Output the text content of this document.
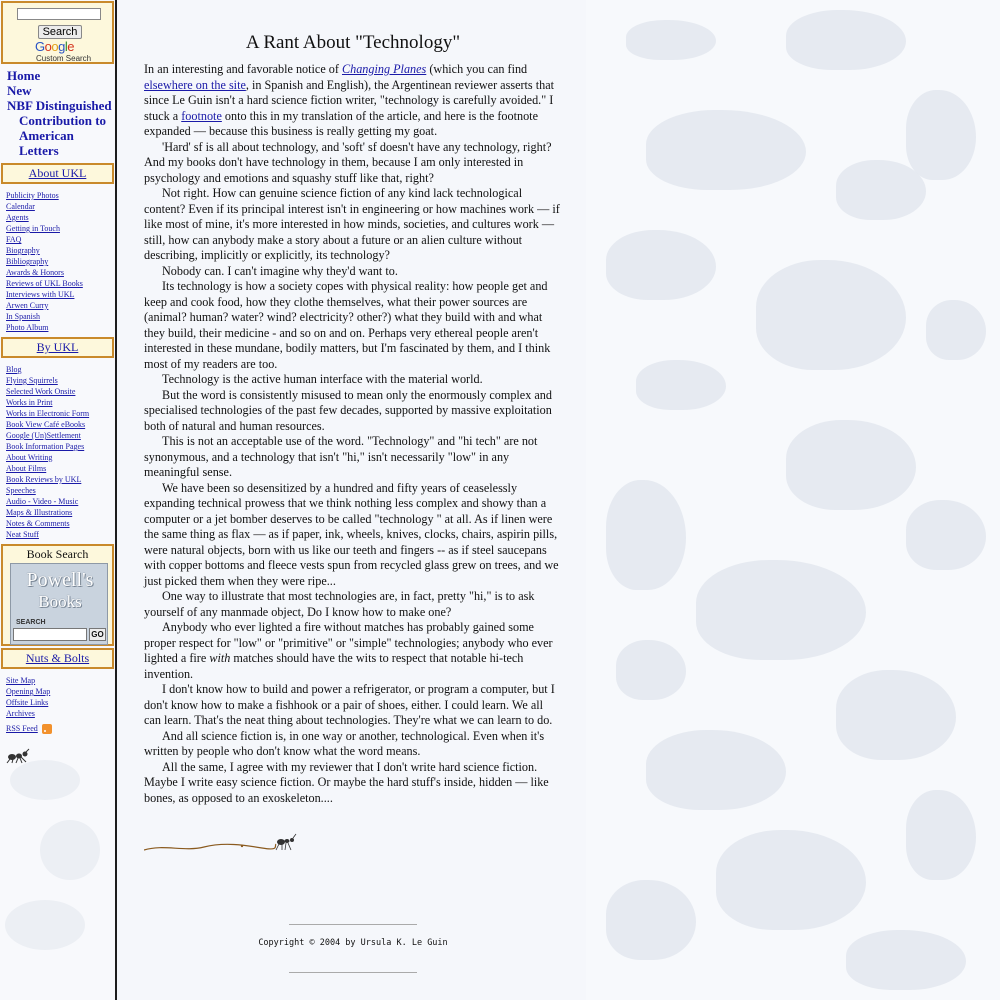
Search
Google
Custom Search
Home
New
NBF Distinguished Contribution to American Letters
About UKL
Publicity Photos
Calendar
Agents
Getting in Touch
FAQ
Biography
Bibliography
Awards & Honors
Reviews of UKL Books
Interviews with UKL
Arwen Curry
In Spanish
Photo Album
By UKL
Blog
Flying Squirrels
Selected Work Onsite
Works in Print
Works in Electronic Form
Book View Café eBooks
Google (Un)Settlement
Book Information Pages
About Writing
About Films
Book Reviews by UKL
Speeches
Audio - Video - Music
Maps & Illustrations
Notes & Comments
Neat Stuff
Book Search
Powell's
Books
SEARCH
GO
Nuts & Bolts
Site Map
Opening Map
Offsite Links
Archives
RSS Feed
A Rant About "Technology"

In an interesting and favorable notice of Changing Planes (which you can find elsewhere on the site, in Spanish and English), the Argentinean reviewer asserts that since Le Guin isn't a hard science fiction writer, "technology is carefully avoided." I stuck a footnote onto this in my translation of the article, and here is the footnote expanded — because this business is really getting my goat.

'Hard' sf is all about technology, and 'soft' sf doesn't have any technology, right? And my books don't have technology in them, because I am only interested in psychology and emotions and squashy stuff like that, right?

Not right. How can genuine science fiction of any kind lack technological content? Even if its principal interest isn't in engineering or how machines work — if like most of mine, it's more interested in how minds, societies, and cultures work — still, how can anybody make a story about a future or an alien culture without describing, implicitly or explicitly, its technology?

Nobody can. I can't imagine why they'd want to.

Its technology is how a society copes with physical reality: how people get and keep and cook food, how they clothe themselves, what their power sources are (animal? human? water? wind? electricity? other?) what they build with and what they build, their medicine - and so on and on. Perhaps very ethereal people aren't interested in these mundane, bodily matters, but I'm fascinated by them, and I think most of my readers are too.

Technology is the active human interface with the material world.

But the word is consistently misused to mean only the enormously complex and specialised technologies of the past few decades, supported by massive exploitation both of natural and human resources.

This is not an acceptable use of the word. "Technology" and "hi tech" are not synonymous, and a technology that isn't "hi," isn't necessarily "low" in any meaningful sense.

We have been so desensitized by a hundred and fifty years of ceaselessly expanding technical prowess that we think nothing less complex and showy than a computer or a jet bomber deserves to be called "technology " at all. As if linen were the same thing as flax — as if paper, ink, wheels, knives, clocks, chairs, aspirin pills, were natural objects, born with us like our teeth and fingers -- as if steel saucepans with copper bottoms and fleece vests spun from recycled glass grew on trees, and we just picked them when they were ripe...

One way to illustrate that most technologies are, in fact, pretty "hi," is to ask yourself of any manmade object, Do I know how to make one?

Anybody who ever lighted a fire without matches has probably gained some proper respect for "low" or "primitive" or "simple" technologies; anybody who ever lighted a fire with matches should have the wits to respect that notable hi-tech invention.

I don't know how to build and power a refrigerator, or program a computer, but I don't know how to make a fishhook or a pair of shoes, either. I could learn. We all can learn. That's the neat thing about technologies. They're what we can learn to do.

And all science fiction is, in one way or another, technological. Even when it's written by people who don't know what the word means.

All the same, I agree with my reviewer that I don't write hard science fiction. Maybe I write easy science fiction. Or maybe the hard stuff's inside, hidden — like bones, as opposed to an exoskeleton....

Copyright © 2004 by Ursula K. Le Guin
